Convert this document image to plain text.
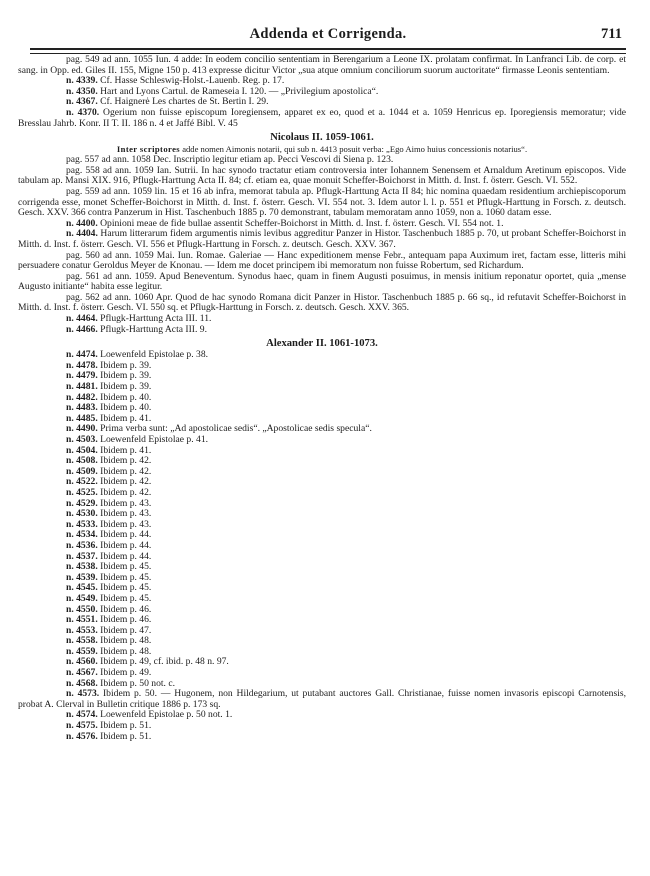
Addenda et Corrigenda.	711

pag. 549 ad ann. 1055 Iun. 4 adde: In eodem concilio sententiam in Berengarium a Leone IX. prolatam confirmat. In Lanfranci Lib. de corp. et sang. in Opp. ed. Giles II. 155, Migne 150 p. 413 expresse dicitur Victor „sua atque omnium conciliorum suorum auctoritate“ firmasse Leonis sententiam.

n. 4339. Cf. Hasse Schleswig-Holst.-Lauenb. Reg. p. 17.

n. 4350. Hart and Lyons Cartul. de Rameseia I. 120. — „Privilegium apostolica“.

n. 4367. Cf. Haignerė Les chartes de St. Bertin I. 29.

n. 4370. Ogerium non fuisse episcopum Ioregiensem, apparet ex eo, quod et a. 1044 et a. 1059 Henricus ep. Iporegiensis memoratur; vide Bresslau Jahrb. Konr. II T. II. 186 n. 4 et Jaffé Bibl. V. 45

Nicolaus II. 1059-1061.

Inter scriptores adde nomen Aimonis notarii, qui sub n. 4413 posuit verba: „Ego Aimo huius concessionis notarius“.

pag. 557 ad ann. 1058 Dec. Inscriptio legitur etiam ap. Pecci Vescovi di Siena p. 123.

pag. 558 ad ann. 1059 Ian. Sutrii. In hac synodo tractatur etiam controversia inter Iohannem Senensem et Arnaldum Aretinum episcopos. Vide tabulam ap. Mansi XIX. 916, Pflugk-Harttung Acta II. 84; cf. etiam ea, quae monuit Scheffer-Boichorst in Mitth. d. Inst. f. österr. Gesch. VI. 552.

pag. 559 ad ann. 1059 lin. 15 et 16 ab infra, memorat tabula ap. Pflugk-Harttung Acta II 84; hic nomina quaedam residentium archiepiscoporum corrigenda esse, monet Scheffer-Boichorst in Mitth. d. Inst. f. österr. Gesch. VI. 554 not. 3. Idem autor l. l. p. 551 et Pflugk-Harttung in Forsch. z. deutsch. Gesch. XXV. 366 contra Panzerum in Hist. Taschenbuch 1885 p. 70 demonstrant, tabulam memoratam anno 1059, non a. 1060 datam esse.

n. 4400. Opinioni meae de fide bullae assentit Scheffer-Boichorst in Mitth. d. Inst. f. österr. Gesch. VI. 554 not. 1.

n. 4404. Harum litterarum fidem argumentis nimis levibus aggreditur Panzer in Histor. Taschenbuch 1885 p. 70, ut probant Scheffer-Boichorst in Mitth. d. Inst. f. österr. Gesch. VI. 556 et Pflugk-Harttung in Forsch. z. deutsch. Gesch. XXV. 367.

pag. 560 ad ann. 1059 Mai. Iun. Romae. Galeriae — Hanc expeditionem mense Febr., antequam papa Auximum iret, factam esse, litteris mihi persuadere conatur Geroldus Meyer de Knonau. — Idem me docet principem ibi memoratum non fuisse Robertum, sed Richardum.

pag. 561 ad ann. 1059. Apud Beneventum. Synodus haec, quam in finem Augusti posuimus, in mensis initium reponatur oportet, quia „mense Augusto initiante“ habita esse legitur.

pag. 562 ad ann. 1060 Apr. Quod de hac synodo Romana dicit Panzer in Histor. Taschenbuch 1885 p. 66 sq., id refutavit Scheffer-Boichorst in Mitth. d. Inst. f. österr. Gesch. VI. 550 sq. et Pflugk-Harttung in Forsch. z. deutsch. Gesch. XXV. 365.

n. 4464. Pflugk-Harttung Acta III. 11.

n. 4466. Pflugk-Harttung Acta III. 9.

Alexander II. 1061-1073.

n. 4474. Loewenfeld Epistolae p. 38.

n. 4478. Ibidem p. 39.

n. 4479. Ibidem p. 39.

n. 4481. Ibidem p. 39.

n. 4482. Ibidem p. 40.

n. 4483. Ibidem p. 40.

n. 4485. Ibidem p. 41.

n. 4490. Prima verba sunt: „Ad apostolicae sedis“. „Apostolicae sedis specula“.

n. 4503. Loewenfeld Epistolae p. 41.

n. 4504. Ibidem p. 41.

n. 4508. Ibidem p. 42.

n. 4509. Ibidem p. 42.

n. 4522. Ibidem p. 42.

n. 4525. Ibidem p. 42.

n. 4529. Ibidem p. 43.

n. 4530. Ibidem p. 43.

n. 4533. Ibidem p. 43.

n. 4534. Ibidem p. 44.

n. 4536. Ibidem p. 44.

n. 4537. Ibidem p. 44.

n. 4538. Ibidem p. 45.

n. 4539. Ibidem p. 45.

n. 4545. Ibidem p. 45.

n. 4549. Ibidem p. 45.

n. 4550. Ibidem p. 46.

n. 4551. Ibidem p. 46.

n. 4553. Ibidem p. 47.

n. 4558. Ibidem p. 48.

n. 4559. Ibidem p. 48.

n. 4560. Ibidem p. 49, cf. ibid. p. 48 n. 97.

n. 4567. Ibidem p. 49.

n. 4568. Ibidem p. 50 not. c.

n. 4573. Ibidem p. 50. — Hugonem, non Hildegarium, ut putabant auctores Gall. Christianae, fuisse nomen invasoris episcopi Carnotensis, probat A. Clerval in Bulletin critique 1886 p. 173 sq.

n. 4574. Loewenfeld Epistolae p. 50 not. 1.

n. 4575. Ibidem p. 51.

n. 4576. Ibidem p. 51.
